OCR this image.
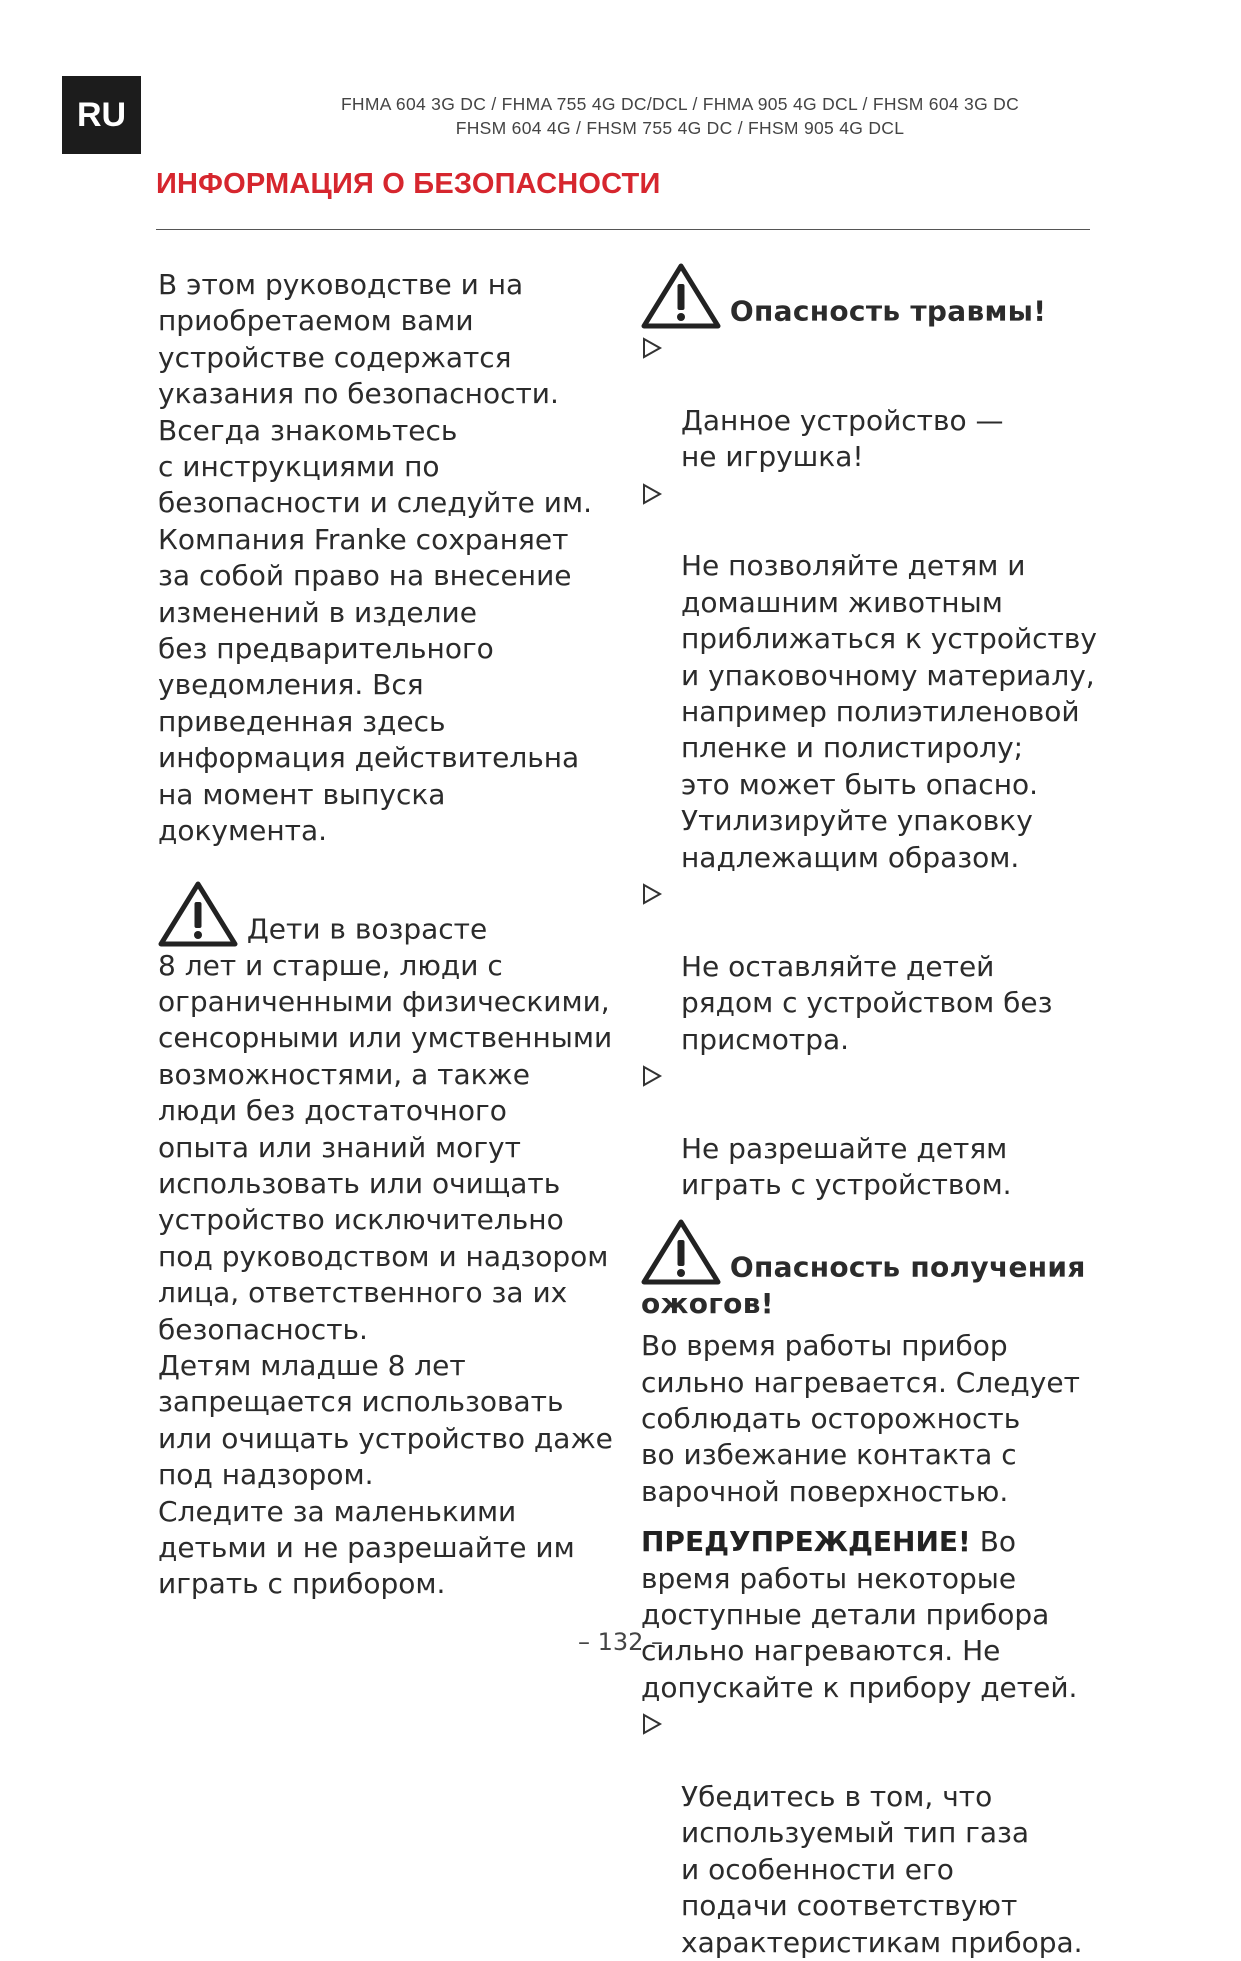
RU	FHMA 604 3G DC / FHMA 755 4G DC/DCL / FHMA 905 4G DCL / FHSM 604 3G DC
FHSM 604 4G / FHSM 755 4G DC / FHSM 905 4G DCL
ИНФОРМАЦИЯ О БЕЗОПАСНОСТИ

В этом руководстве и на
приобретаемом вами
устройстве содержатся
указания по безопасности.
Всегда знакомьтесь
с инструкциями по
безопасности и следуйте им.
Компания Franke сохраняет
за собой право на внесение
изменений в изделие
без предварительного
уведомления. Вся
приведенная здесь
информация действительна
на момент выпуска
документа.

Дети в возрасте

8 лет и старше, люди с
ограниченными физическими,
сенсорными или умственными
возможностями, а также
люди без достаточного
опыта или знаний могут
использовать или очищать
устройство исключительно
под руководством и надзором
лица, ответственного за их
безопасность.
Детям младше 8 лет
запрещается использовать
или очищать устройство даже
под надзором.
Следите за маленькими
детьми и не разрешайте им
играть с прибором.

Опасность травмы!

Данное устройство —
не игрушка!

Не позволяйте детям и
домашним животным
приближаться к устройству
и упаковочному материалу,
например полиэтиленовой
пленке и полистиролу;
это может быть опасно.
Утилизируйте упаковку
надлежащим образом.

Не оставляйте детей
рядом с устройством без
присмотра.

Не разрешайте детям
играть с устройством.

Опасность получения
ожогов!

Во время работы прибор
сильно нагревается. Следует
соблюдать осторожность
во избежание контакта с
варочной поверхностью.

ПРЕДУПРЕЖДЕНИЕ! Во
время работы некоторые
доступные детали прибора
сильно нагреваются. Не
допускайте к прибору детей.

Убедитесь в том, что
используемый тип газа
и особенности его
подачи соответствуют
характеристикам прибора.

– 132 –
